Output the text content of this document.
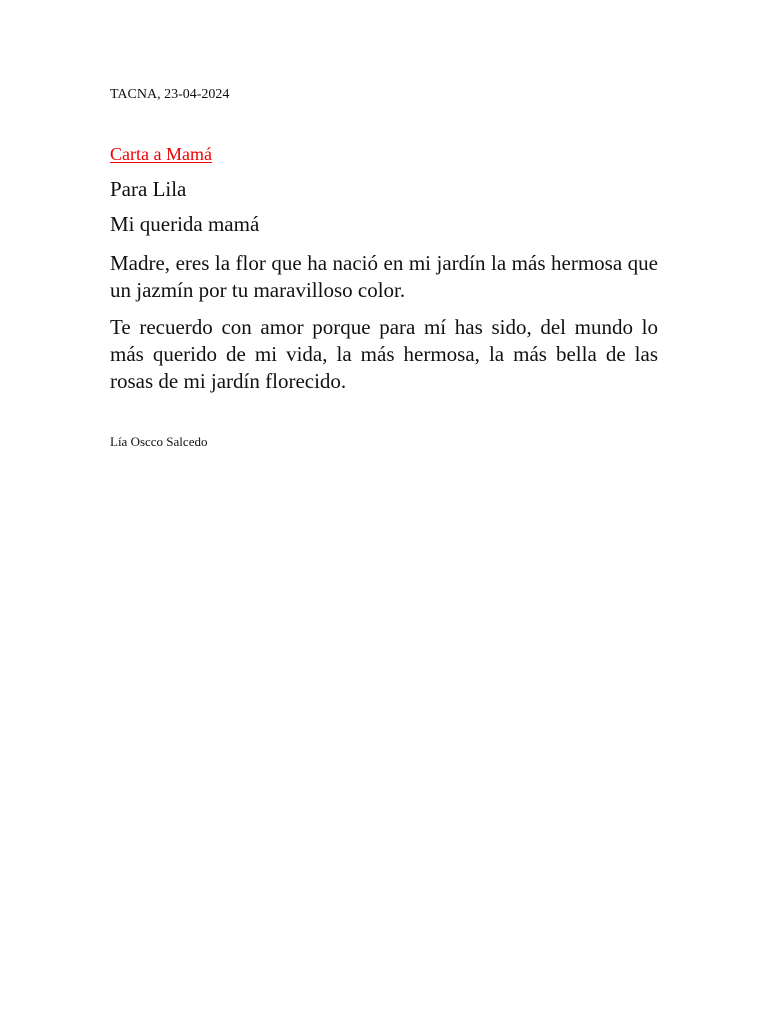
TACNA, 23-04-2024
Carta a Mamá

Para Lila

Mi querida mamá

Madre, eres la flor que ha nació en mi jardín la más hermosa que un jazmín por tu maravilloso color.

Te recuerdo con amor porque para mí has sido, del mundo lo más querido de mi vida, la más hermosa, la más bella de las rosas de mi jardín florecido.

Lía Oscco Salcedo
